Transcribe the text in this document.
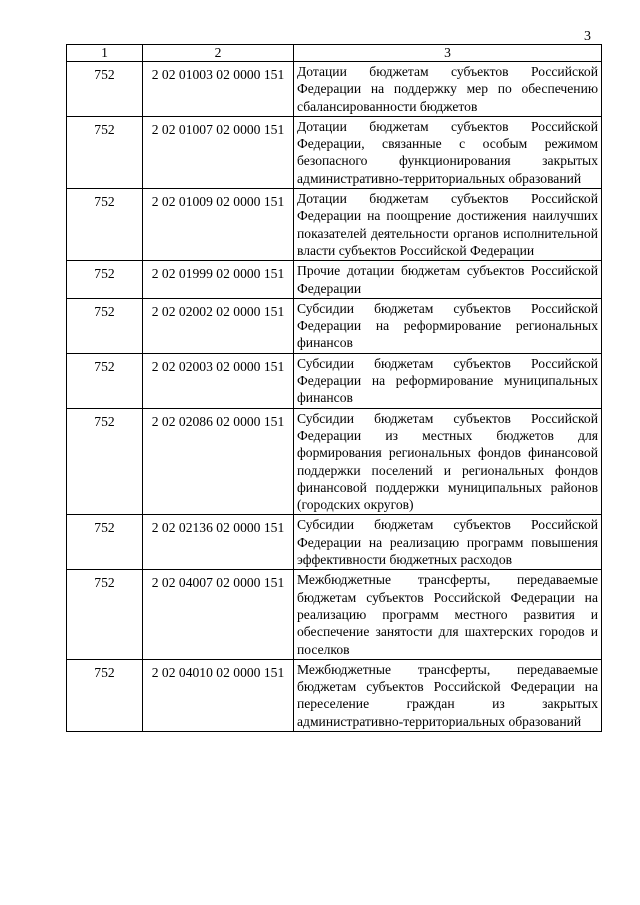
3
1	2	3
752	2 02 01003 02 0000 151	Дотации бюджетам субъектов Российской Федерации на поддержку мер по обеспечению сбалансированности бюджетов
752	2 02 01007 02 0000 151	Дотации бюджетам субъектов Российской Федерации, связанные с особым режимом безопасного функционирования закрытых административно-территориальных образований
752	2 02 01009 02 0000 151	Дотации бюджетам субъектов Российской Федерации на поощрение достижения наилучших показателей деятельности органов исполнительной власти субъектов Российской Федерации
752	2 02 01999 02 0000 151	Прочие дотации бюджетам субъектов Российской Федерации
752	2 02 02002 02 0000 151	Субсидии бюджетам субъектов Российской Федерации на реформирование региональных финансов
752	2 02 02003 02 0000 151	Субсидии бюджетам субъектов Российской Федерации на реформирование муниципальных финансов
752	2 02 02086 02 0000 151	Субсидии бюджетам субъектов Российской Федерации из местных бюджетов для формирования региональных фондов финансовой поддержки поселений и региональных фондов финансовой поддержки муниципальных районов (городских округов)
752	2 02 02136 02 0000 151	Субсидии бюджетам субъектов Российской Федерации на реализацию программ повышения эффективности бюджетных расходов
752	2 02 04007 02 0000 151	Межбюджетные трансферты, передаваемые бюджетам субъектов Российской Федерации на реализацию программ местного развития и обеспечение занятости для шахтерских городов и поселков
752	2 02 04010 02 0000 151	Межбюджетные трансферты, передаваемые бюджетам субъектов Российской Федерации на переселение граждан из закрытых административно-территориальных образований
